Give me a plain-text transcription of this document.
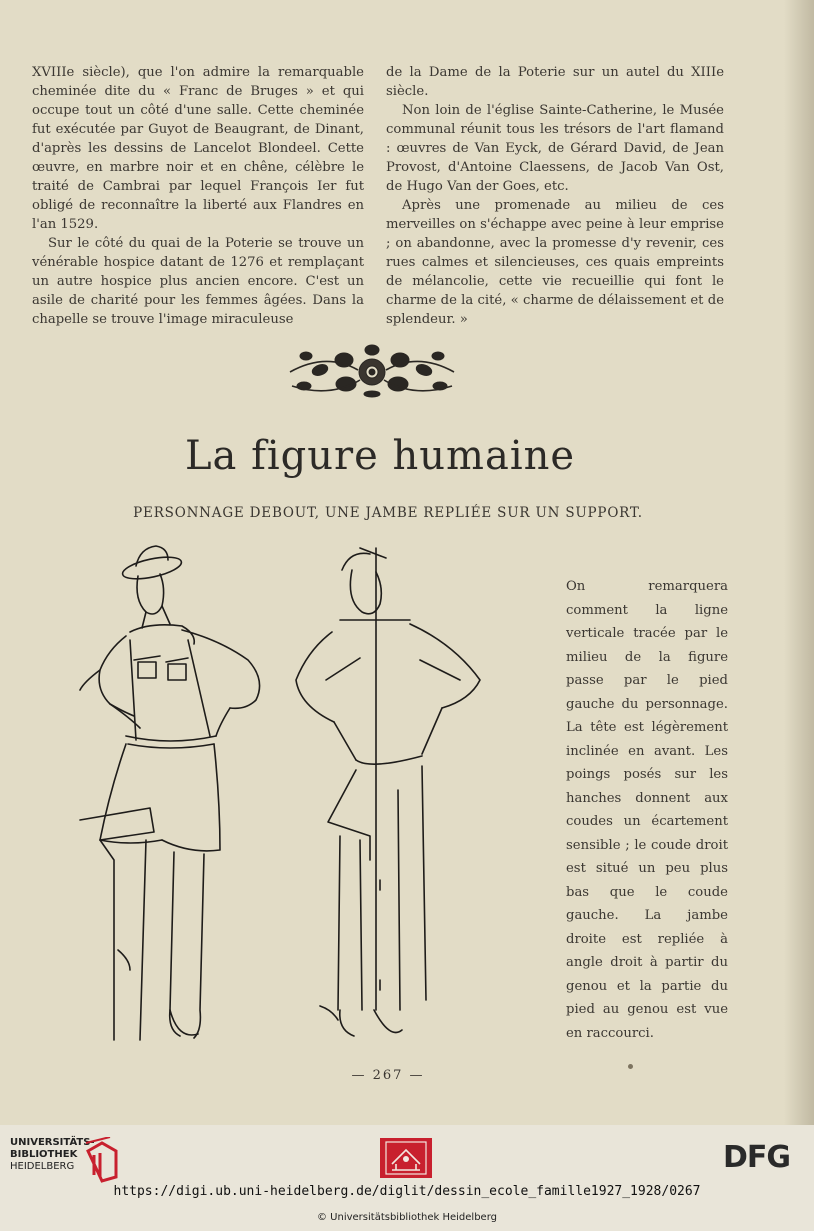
XVIIIe siècle), que l'on admire la remarquable cheminée dite du « Franc de Bruges » et qui occupe tout un côté d'une salle. Cette cheminée fut exécutée par Guyot de Beaugrant, de Dinant, d'après les dessins de Lancelot Blondeel. Cette œuvre, en marbre noir et en chêne, célèbre le traité de Cambrai par lequel François Ier fut obligé de reconnaître la liberté aux Flandres en l'an 1529.

Sur le côté du quai de la Poterie se trouve un vénérable hospice datant de 1276 et remplaçant un autre hospice plus ancien encore. C'est un asile de charité pour les femmes âgées. Dans la chapelle se trouve l'image miraculeuse

de la Dame de la Poterie sur un autel du XIIIe siècle.

Non loin de l'église Sainte-Catherine, le Musée communal réunit tous les trésors de l'art flamand : œuvres de Van Eyck, de Gérard David, de Jean Provost, d'Antoine Claessens, de Jacob Van Ost, de Hugo Van der Goes, etc.

Après une promenade au milieu de ces merveilles on s'échappe avec peine à leur emprise ; on abandonne, avec la promesse d'y revenir, ces rues calmes et silencieuses, ces quais empreints de mélancolie, cette vie recueillie qui font le charme de la cité, « charme de délaissement et de splendeur. »

La figure humaine
PERSONNAGE DEBOUT, UNE JAMBE REPLIÉE SUR UN SUPPORT.

On remarquera comment la ligne verticale tracée par le milieu de la figure passe par le pied gauche du personnage. La tête est légèrement inclinée en avant. Les poings posés sur les hanches donnent aux coudes un écartement sensible ; le coude droit est situé un peu plus bas que le coude gauche. La jambe droite est repliée à angle droit à partir du genou et la partie du pied au genou est vue en raccourci.

— 267 —
UNIVERSITÄTS-
BIBLIOTHEK
HEIDELBERG	DFG
https://digi.ub.uni-heidelberg.de/diglit/dessin_ecole_famille1927_1928/0267
© Universitätsbibliothek Heidelberg
